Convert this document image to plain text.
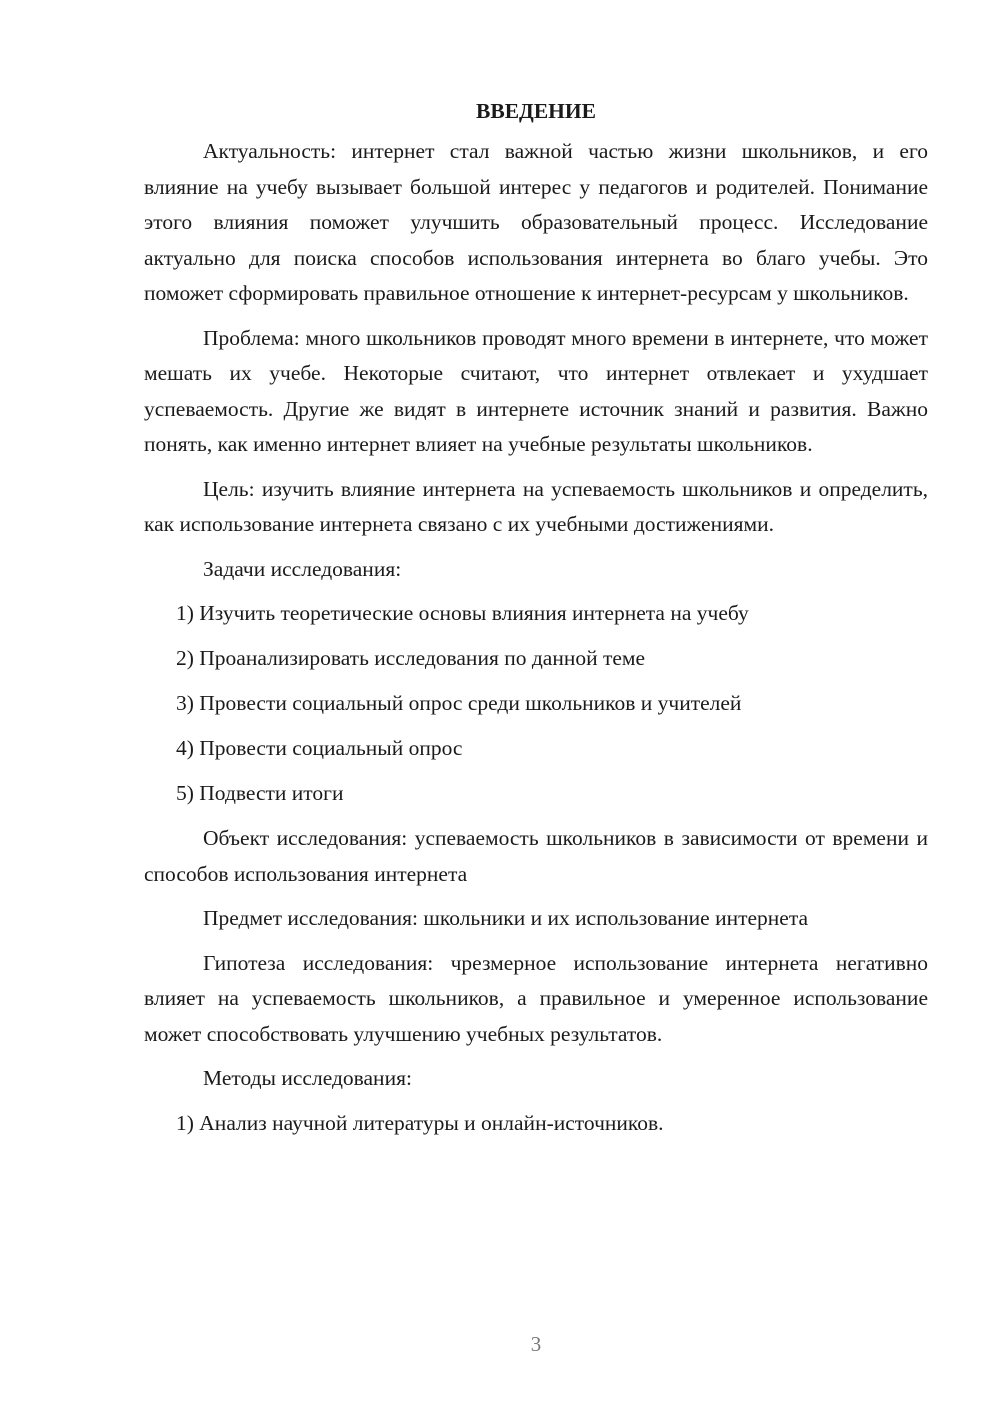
ВВЕДЕНИЕ

Актуальность: интернет стал важной частью жизни школьников, и его влияние на учебу вызывает большой интерес у педагогов и родителей. Понимание этого влияния поможет улучшить образовательный процесс. Исследование актуально для поиска способов использования интернета во благо учебы. Это поможет сформировать правильное отношение к интернет-ресурсам у школьников.

Проблема: много школьников проводят много времени в интернете, что может мешать их учебе. Некоторые считают, что интернет отвлекает и ухудшает успеваемость. Другие же видят в интернете источник знаний и развития. Важно понять, как именно интернет влияет на учебные результаты школьников.

Цель: изучить влияние интернета на успеваемость школьников и определить, как использование интернета связано с их учебными достижениями.

Задачи исследования:

1) Изучить теоретические основы влияния интернета на учебу
2) Проанализировать исследования по данной теме
3) Провести социальный опрос среди школьников и учителей
4) Провести социальный опрос
5) Подвести итоги

Объект исследования: успеваемость школьников в зависимости от времени и способов использования интернета

Предмет исследования: школьники и их использование интернета

Гипотеза исследования: чрезмерное использование интернета негативно влияет на успеваемость школьников, а правильное и умеренное использование может способствовать улучшению учебных результатов.

Методы исследования:

1) Анализ научной литературы и онлайн-источников.
3
